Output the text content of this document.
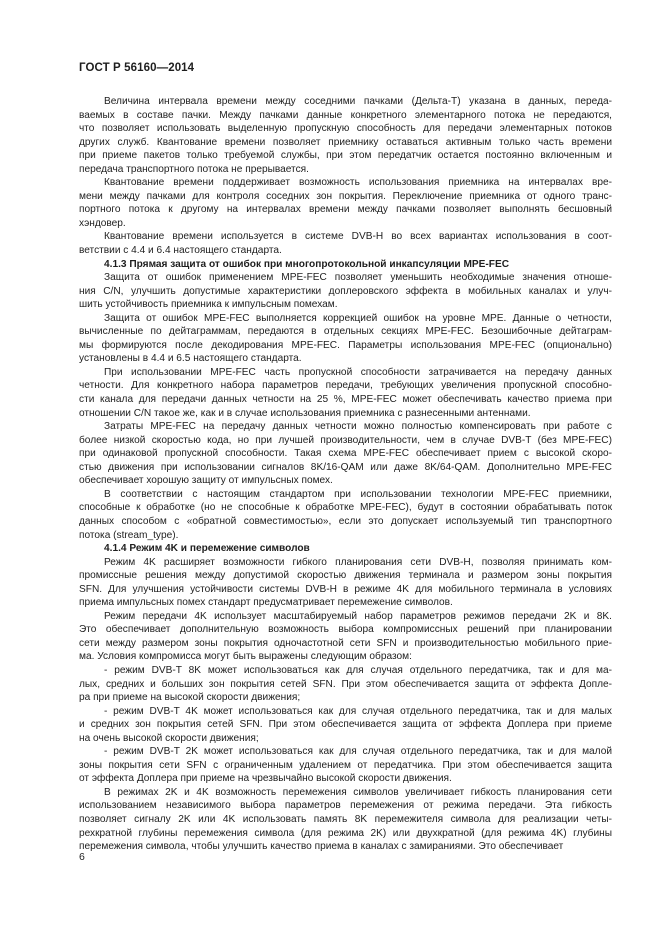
ГОСТ Р 56160—2014

Величина интервала времени между соседними пачками (Дельта-Т) указана в данных, переда-

ваемых в составе пачки. Между пачками данные конкретного элементарного потока не передаются,

что позволяет использовать выделенную пропускную способность для передачи элементарных потоков

других служб. Квантование времени позволяет приемнику оставаться активным только часть времени

при приеме пакетов только требуемой службы, при этом передатчик остается постоянно включенным и

передача транспортного потока не прерывается.

Квантование времени поддерживает возможность использования приемника на интервалах вре-

мени между пачками для контроля соседних зон покрытия. Переключение приемника от одного транс-

портного потока к другому на интервалах времени между пачками позволяет выполнять бесшовный

хэндовер.

Квантование времени используется в системе DVB-H во всех вариантах использования в соот-

ветствии с 4.4 и 6.4 настоящего стандарта.

4.1.3 Прямая защита от ошибок при многопротокольной инкапсуляции MPE-FEC

Защита от ошибок применением MPE-FEC позволяет уменьшить необходимые значения отноше-

ния C/N, улучшить допустимые характеристики доплеровского эффекта в мобильных каналах и улуч-

шить устойчивость приемника к импульсным помехам.

Защита от ошибок MPE-FEC выполняется коррекцией ошибок на уровне MPE. Данные о четности,

вычисленные по дейтаграммам, передаются в отдельных секциях MPE-FEC. Безошибочные дейтаграм-

мы формируются после декодирования MPE-FEC. Параметры использования MPE-FEC (опционально)

установлены в 4.4 и 6.5 настоящего стандарта.

При использовании MPE-FEC часть пропускной способности затрачивается на передачу данных

четности. Для конкретного набора параметров передачи, требующих увеличения пропускной способно-

сти канала для передачи данных четности на 25 %, MPE-FEC может обеспечивать качество приема при

отношении C/N такое же, как и в случае использования приемника с разнесенными антеннами.

Затраты MPE-FEC на передачу данных четности можно полностью компенсировать при работе с

более низкой скоростью кода, но при лучшей производительности, чем в случае DVB-T (без MPE-FEC)

при одинаковой пропускной способности. Такая схема MPE-FEC обеспечивает прием с высокой скоро-

стью движения при использовании сигналов 8K/16-QAM или даже 8K/64-QAM. Дополнительно MPE-FEC

обеспечивает хорошую защиту от импульсных помех.

В соответствии с настоящим стандартом при использовании технологии MPE-FEC приемники,

способные к обработке (но не способные к обработке MPE-FEC), будут в состоянии обрабатывать поток

данных способом с «обратной совместимостью», если это допускает используемый тип транспортного

потока (stream_type).

4.1.4 Режим 4K и перемежение символов

Режим 4K расширяет возможности гибкого планирования сети DVB-H, позволяя принимать ком-

промиссные решения между допустимой скоростью движения терминала и размером зоны покрытия

SFN. Для улучшения устойчивости системы DVB-H в режиме 4K для мобильного терминала в условиях

приема импульсных помех стандарт предусматривает перемежение символов.

Режим передачи 4K использует масштабируемый набор параметров режимов передачи 2K и 8K.

Это обеспечивает дополнительную возможность выбора компромиссных решений при планировании

сети между размером зоны покрытия одночастотной сети SFN и производительностью мобильного прие-

ма. Условия компромисса могут быть выражены следующим образом:

- режим DVB-T 8K может использоваться как для случая отдельного передатчика, так и для ма-

лых, средних и больших зон покрытия сетей SFN. При этом обеспечивается защита от эффекта Допле-

ра при приеме на высокой скорости движения;

- режим DVB-T 4K может использоваться как для случая отдельного передатчика, так и для малых

и средних зон покрытия сетей SFN. При этом обеспечивается защита от эффекта Доплера при приеме

на очень высокой скорости движения;

- режим DVB-T 2K может использоваться как для случая отдельного передатчика, так и для малой

зоны покрытия сети SFN с ограниченным удалением от передатчика. При этом обеспечивается защита

от эффекта Доплера при приеме на чрезвычайно высокой скорости движения.

В режимах 2K и 4K возможность перемежения символов увеличивает гибкость планирования сети

использованием независимого выбора параметров перемежения от режима передачи. Эта гибкость

позволяет сигналу 2K или 4K использовать память 8K перемежителя символа для реализации четы-

рехкратной глубины перемежения символа (для режима 2K) или двухкратной (для режима 4K) глубины

перемежения символа, чтобы улучшить качество приема в каналах с замираниями. Это обеспечивает

6
